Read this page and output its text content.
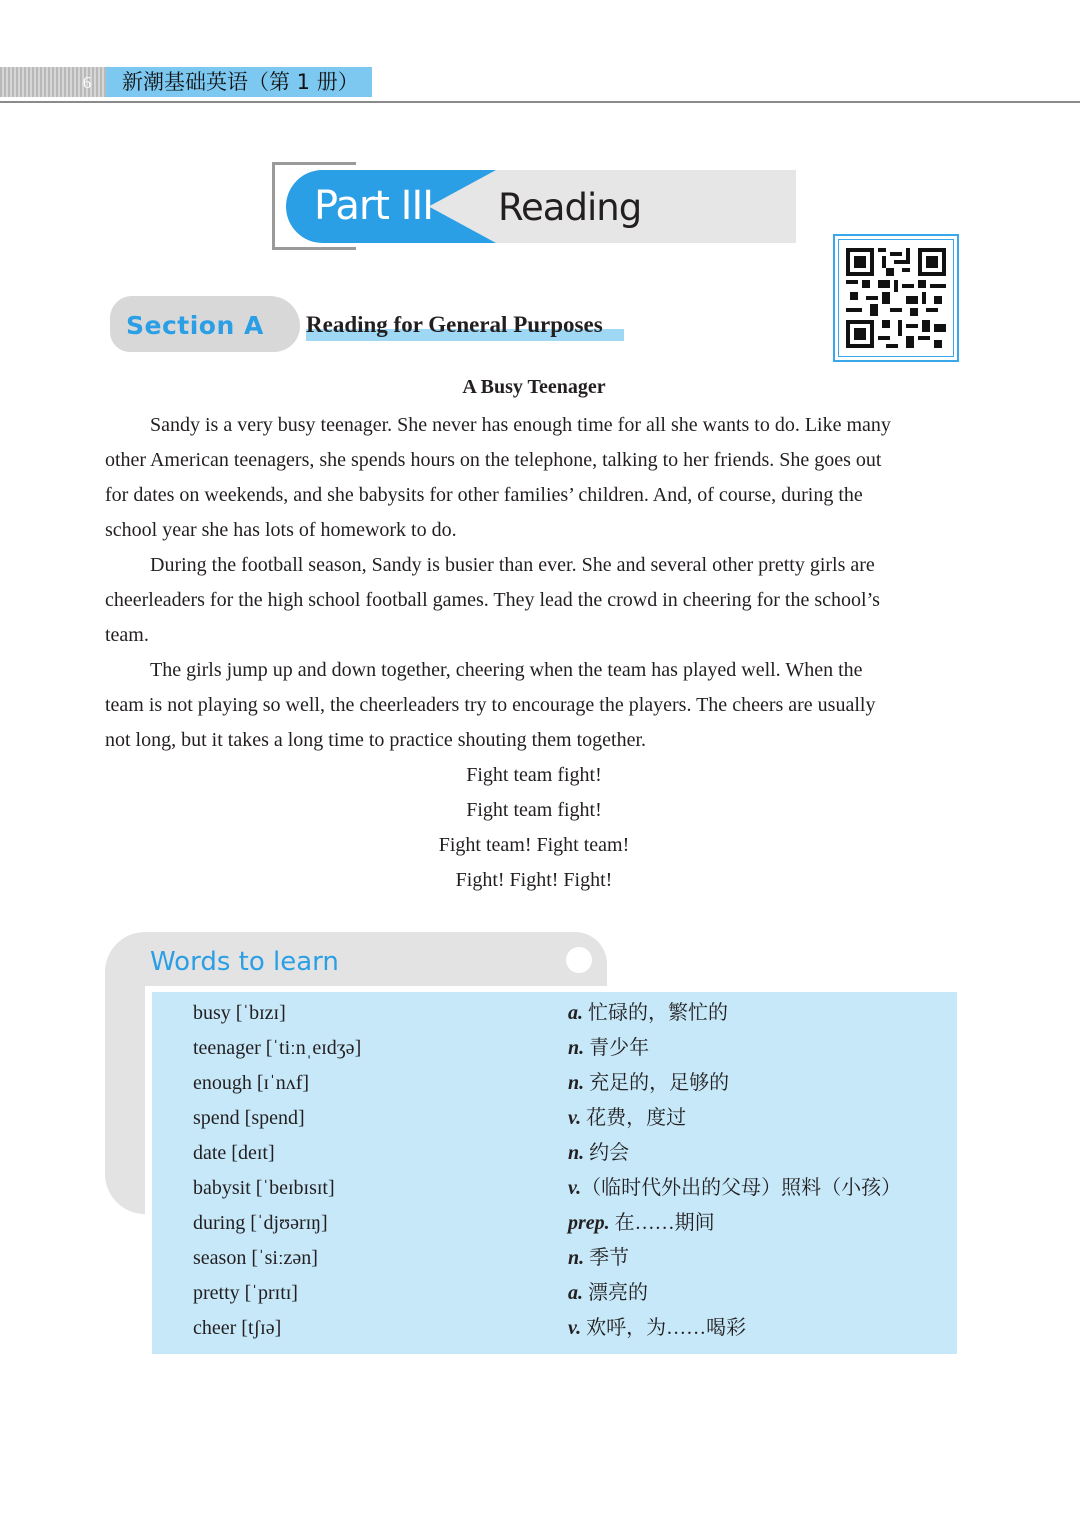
6	新潮基础英语（第 1 册）
Part III Reading
Section A Reading for General Purposes
A Busy Teenager

Sandy is a very busy teenager. She never has enough time for all she wants to do. Like many
other American teenagers, she spends hours on the telephone, talking to her friends. She goes out
for dates on weekends, and she babysits for other families’ children. And, of course, during the
school year she has lots of homework to do.

During the football season, Sandy is busier than ever. She and several other pretty girls are
cheerleaders for the high school football games. They lead the crowd in cheering for the school’s
team.

The girls jump up and down together, cheering when the team has played well. When the
team is not playing so well, the cheerleaders try to encourage the players. The cheers are usually
not long, but it takes a long time to practice shouting them together.

Fight team fight!
Fight team fight!
Fight team! Fight team!
Fight! Fight! Fight!
Words to learn
busy [ˈbɪzɪ]	a. 忙碌的，繁忙的
teenager [ˈtiːnˌeɪdʒə]	n. 青少年
enough [ɪˈnʌf]	n. 充足的，足够的
spend [spend]	v. 花费，度过
date [deɪt]	n. 约会
babysit [ˈbeɪbɪsɪt]	v.（临时代外出的父母）照料（小孩）
during [ˈdjʊərɪŋ]	prep. 在……期间
season [ˈsiːzən]	n. 季节
pretty [ˈprɪtɪ]	a. 漂亮的
cheer [tʃɪə]	v. 欢呼，为……喝彩
